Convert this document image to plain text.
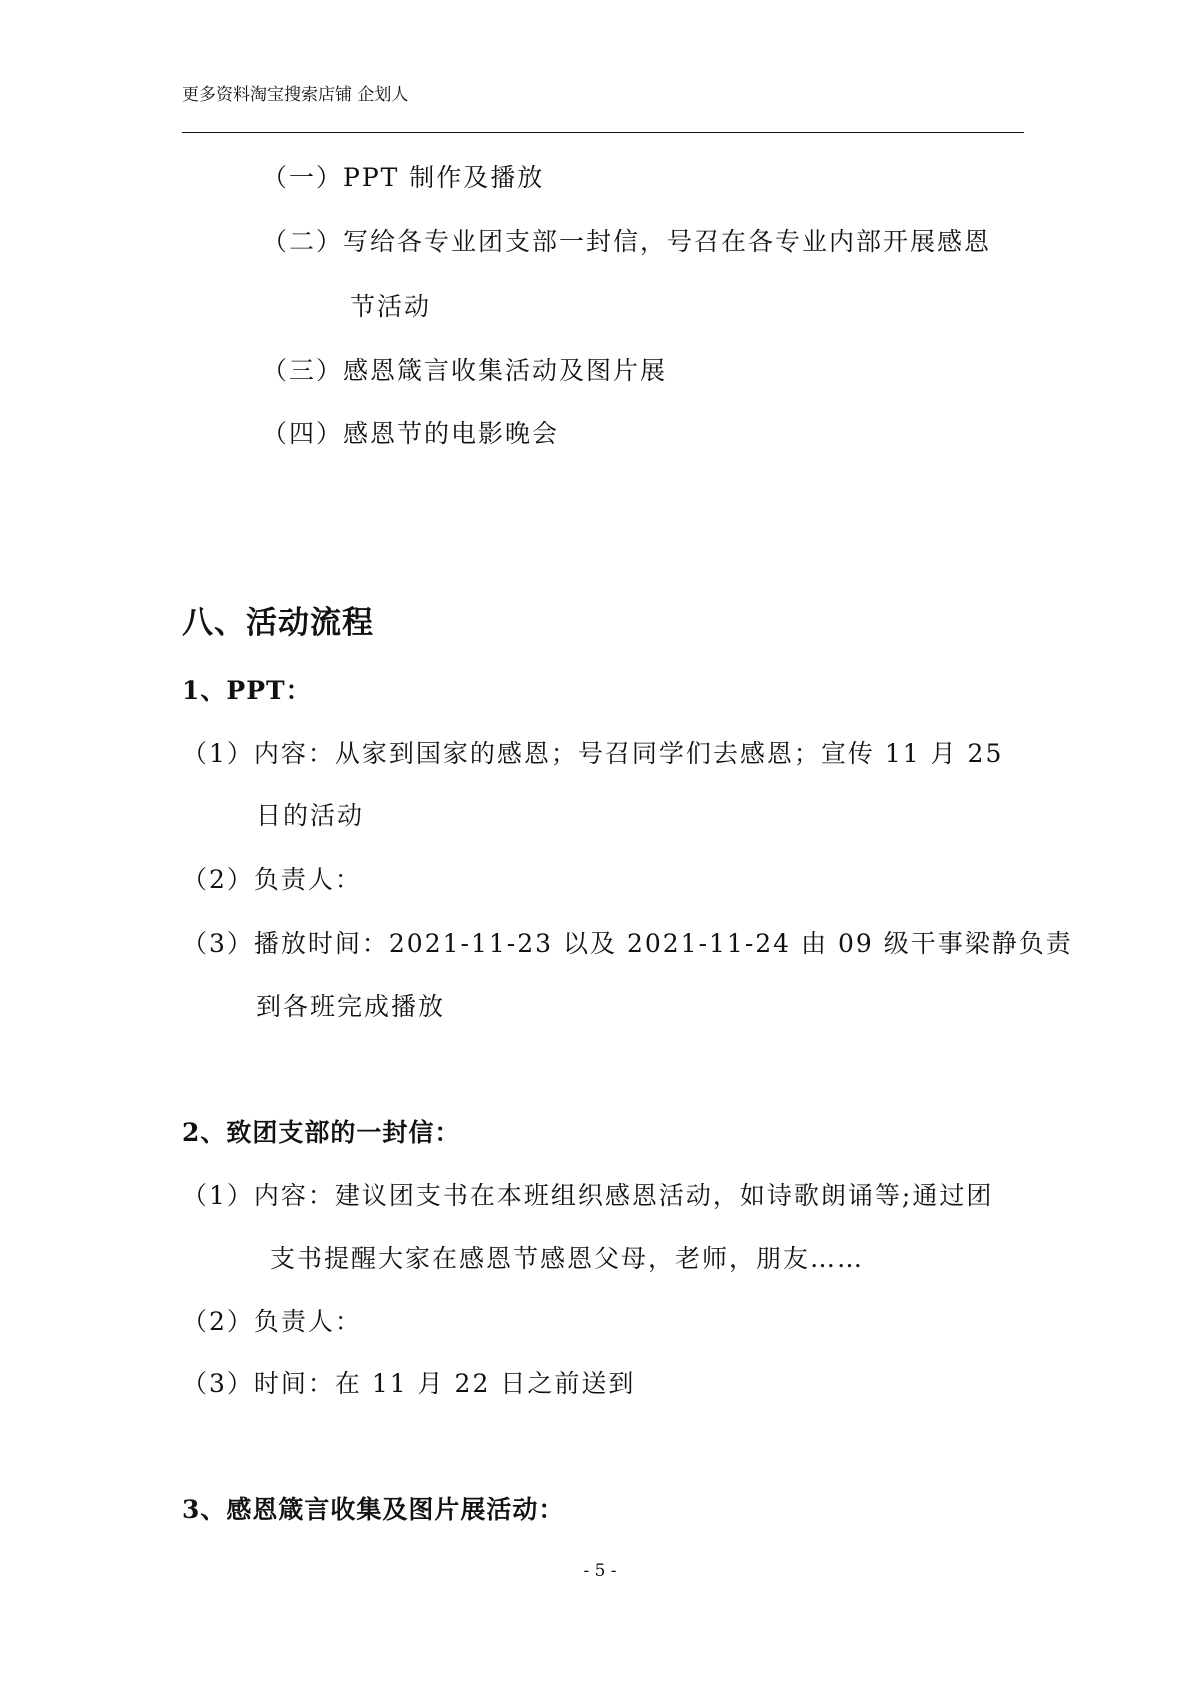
更多资料淘宝搜索店铺 企划人
（一）PPT 制作及播放
（二）写给各专业团支部一封信，号召在各专业内部开展感恩
节活动
（三）感恩箴言收集活动及图片展
（四）感恩节的电影晚会
八、活动流程
1、PPT：
（1）内容：从家到国家的感恩；号召同学们去感恩；宣传 11 月 25
日的活动
（2）负责人：
（3）播放时间：2021-11-23 以及 2021-11-24 由 09 级干事梁静负责
到各班完成播放
2、致团支部的一封信：
（1）内容：建议团支书在本班组织感恩活动，如诗歌朗诵等;通过团
支书提醒大家在感恩节感恩父母，老师，朋友……
（2）负责人：
（3）时间：在 11 月 22 日之前送到
3、感恩箴言收集及图片展活动：
- 5 -
